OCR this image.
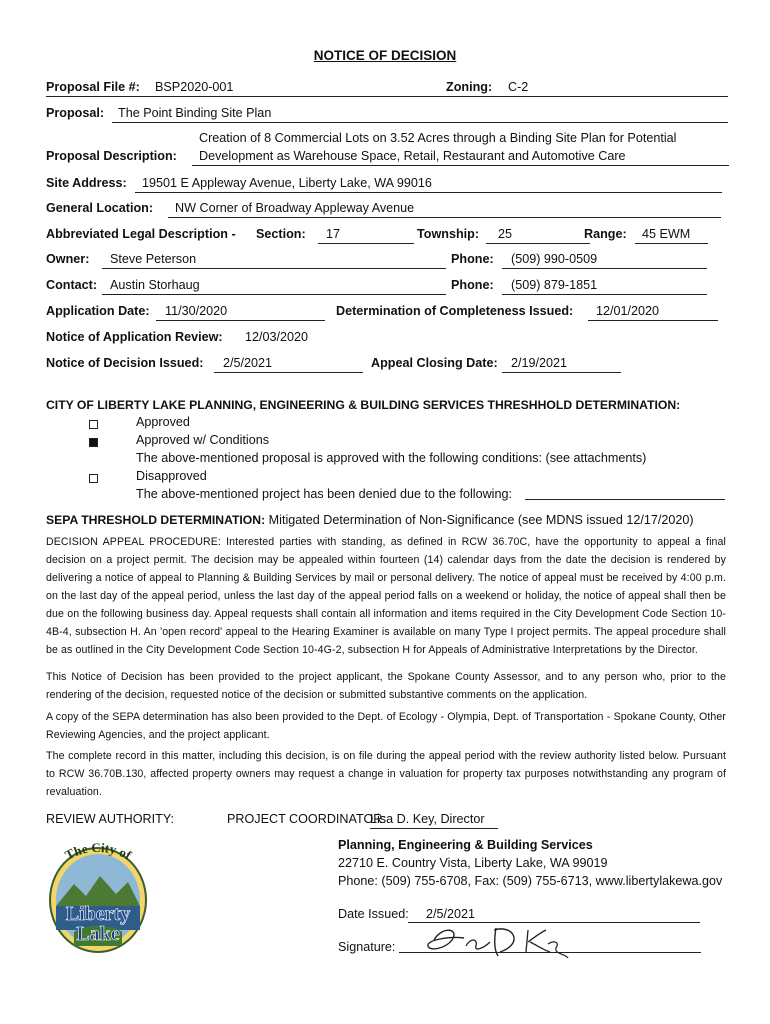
NOTICE OF DECISION
Proposal File #:	BSP2020-001	Zoning:	C-2
Proposal:	The Point Binding Site Plan
Creation of 8 Commercial Lots on 3.52 Acres through a Binding Site Plan for Potential
Proposal Description:	Development as Warehouse Space, Retail, Restaurant and Automotive Care
Site Address:	19501 E Appleway Avenue, Liberty Lake, WA 99016
General Location:	NW Corner of Broadway Appleway Avenue
Abbreviated Legal Description - Section:	17	Township:	25	Range:	45 EWM
Owner:	Steve Peterson	Phone:	(509) 990-0509
Contact:	Austin Storhaug	Phone:	(509) 879-1851
Application Date:	11/30/2020	Determination of Completeness Issued:	12/01/2020
Notice of Application Review: 12/03/2020
Notice of Decision Issued:	2/5/2021	Appeal Closing Date:	2/19/2021
CITY OF LIBERTY LAKE PLANNING, ENGINEERING & BUILDING SERVICES THRESHHOLD DETERMINATION:
Approved
Approved w/ Conditions
The above-mentioned proposal is approved with the following conditions: (see attachments)
Disapproved
The above-mentioned project has been denied due to the following:
SEPA THRESHOLD DETERMINATION: Mitigated Determination of Non-Significance (see MDNS issued 12/17/2020)
DECISION APPEAL PROCEDURE: Interested parties with standing, as defined in RCW 36.70C, have the opportunity to appeal a final decision on a project permit. The decision may be appealed within fourteen (14) calendar days from the date the decision is rendered by delivering a notice of appeal to Planning & Building Services by mail or personal delivery. The notice of appeal must be received by 4:00 p.m. on the last day of the appeal period, unless the last day of the appeal period falls on a weekend or holiday, the notice of appeal shall then be due on the following business day. Appeal requests shall contain all information and items required in the City Development Code Section 10-4B-4, subsection H. An 'open record' appeal to the Hearing Examiner is available on many Type I project permits. The appeal procedure shall be as outlined in the City Development Code Section 10-4G-2, subsection H for Appeals of Administrative Interpretations by the Director.
This Notice of Decision has been provided to the project applicant, the Spokane County Assessor, and to any person who, prior to the rendering of the decision, requested notice of the decision or submitted substantive comments on the application.
A copy of the SEPA determination has also been provided to the Dept. of Ecology - Olympia, Dept. of Transportation - Spokane County, Other Reviewing Agencies, and the project applicant.
The complete record in this matter, including this decision, is on file during the appeal period with the review authority listed below. Pursuant to RCW 36.70B.130, affected property owners may request a change in valuation for property tax purposes notwithstanding any program of revaluation.
REVIEW AUTHORITY:	PROJECT COORDINATOR:
Lisa D. Key, Director
Planning, Engineering & Building Services
22710 E. Country Vista, Liberty Lake, WA 99019
Phone: (509) 755-6708, Fax: (509) 755-6713, www.libertylakewa.gov
Date Issued:	2/5/2021
Signature:
Liberty
Lake
The City of
